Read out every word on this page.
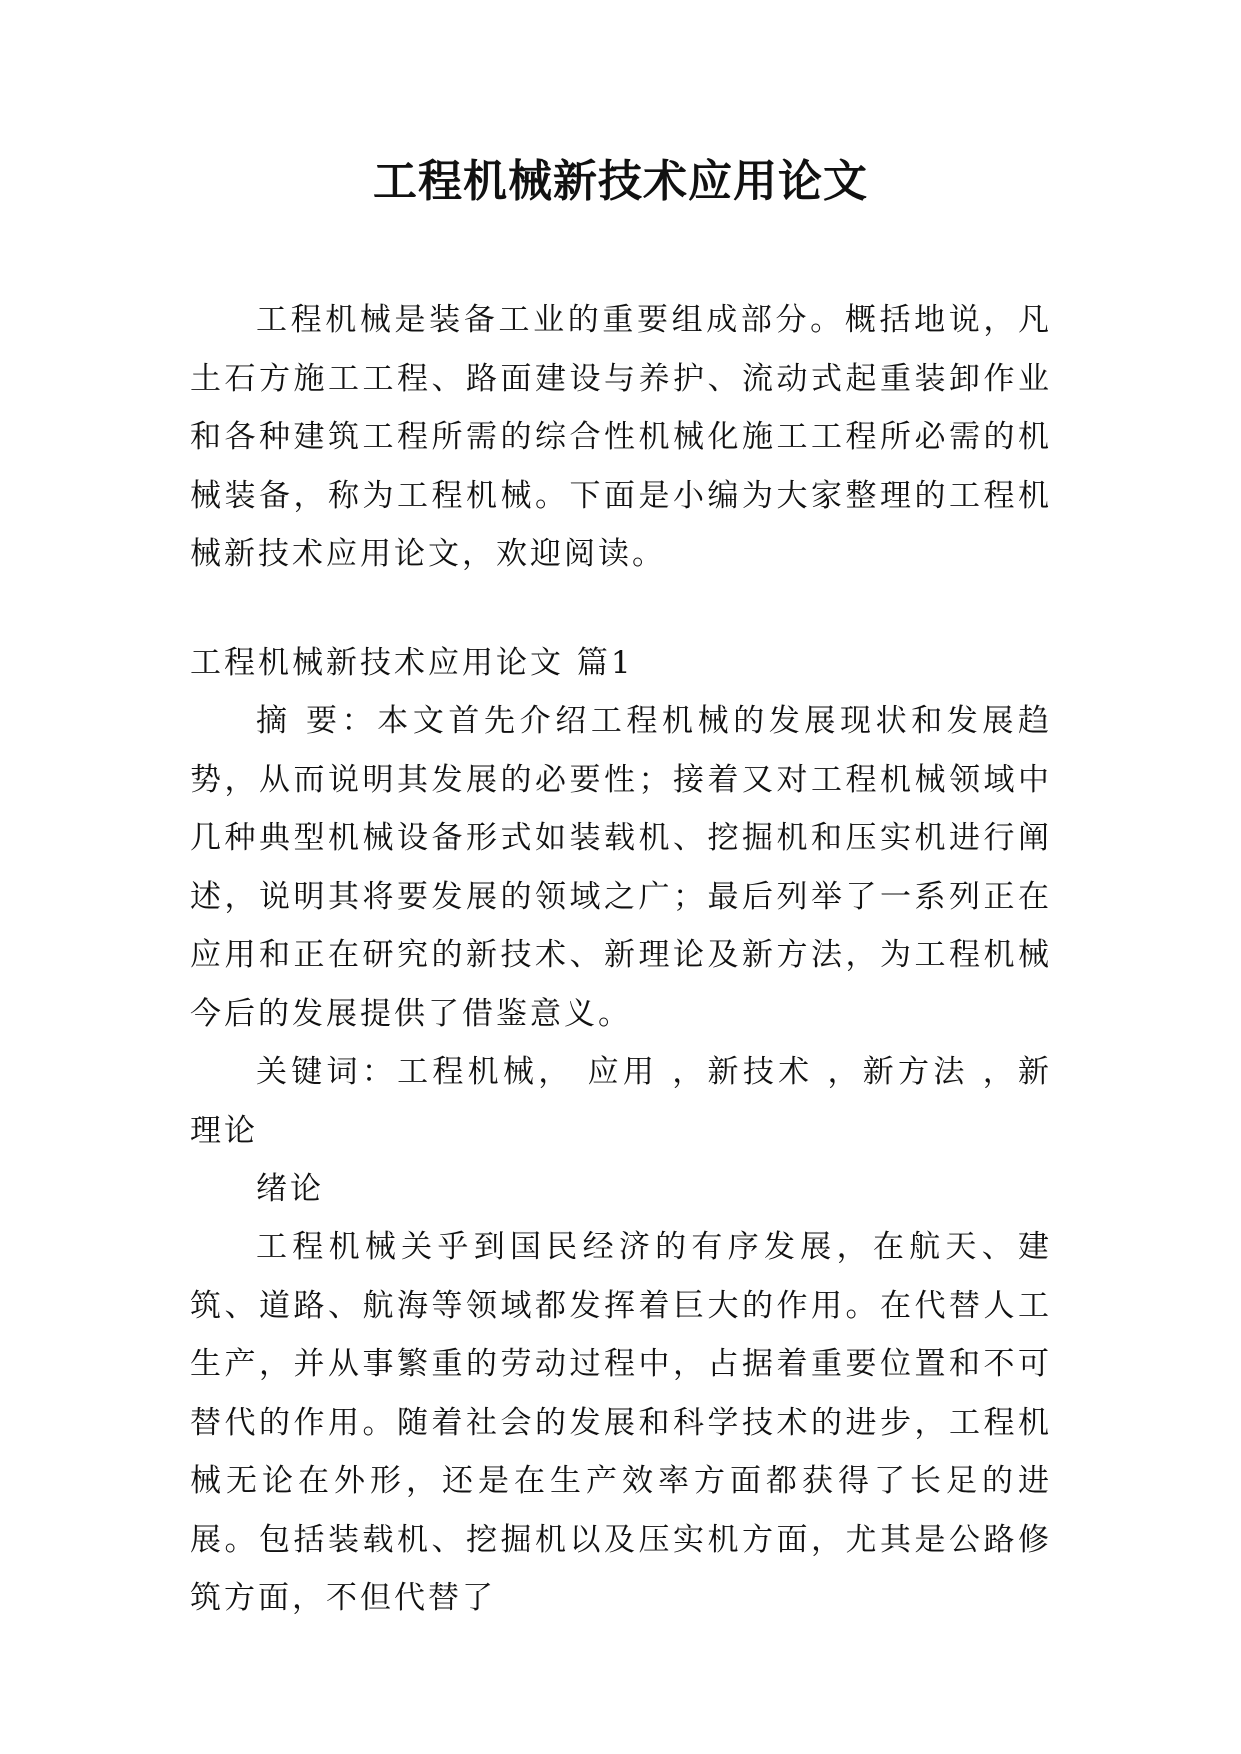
工程机械新技术应用论文

工程机械是装备工业的重要组成部分。概括地说，凡土石方施工工程、路面建设与养护、流动式起重装卸作业和各种建筑工程所需的综合性机械化施工工程所必需的机械装备，称为工程机械。下面是小编为大家整理的工程机械新技术应用论文，欢迎阅读。

工程机械新技术应用论文 篇1

摘 要：本文首先介绍工程机械的发展现状和发展趋势，从而说明其发展的必要性；接着又对工程机械领域中几种典型机械设备形式如装载机、挖掘机和压实机进行阐述，说明其将要发展的领域之广；最后列举了一系列正在应用和正在研究的新技术、新理论及新方法，为工程机械今后的发展提供了借鉴意义。

关键词：工程机械， 应用 ，新技术 ，新方法 ，新理论

绪论

工程机械关乎到国民经济的有序发展，在航天、建筑、道路、航海等领域都发挥着巨大的作用。在代替人工生产，并从事繁重的劳动过程中，占据着重要位置和不可替代的作用。随着社会的发展和科学技术的进步，工程机械无论在外形，还是在生产效率方面都获得了长足的进展。包括装载机、挖掘机以及压实机方面，尤其是公路修筑方面，不但代替了
